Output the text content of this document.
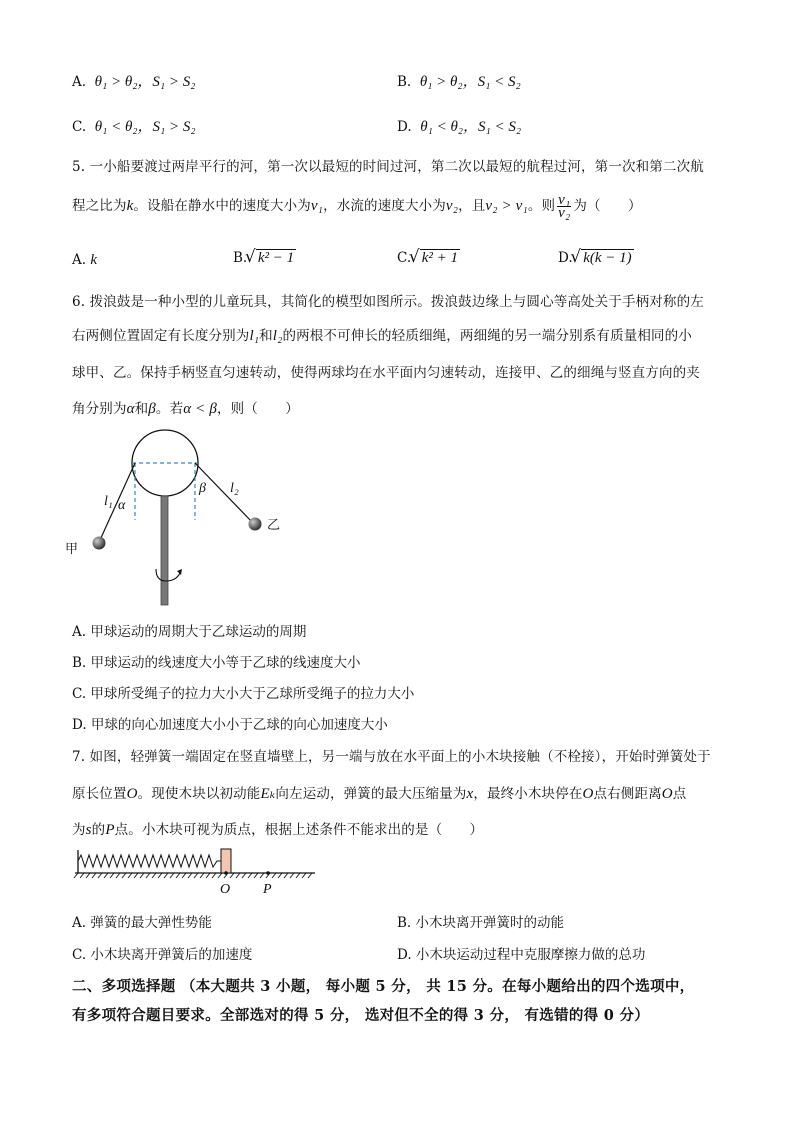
A. θ₁ > θ₂，S₁ > S₂	B. θ₁ > θ₂，S₁ < S₂
C. θ₁ < θ₂，S₁ > S₂	D. θ₁ < θ₂，S₁ < S₂
5. 一小船要渡过两岸平行的河，第一次以最短的时间过河，第二次以最短的航程过河，第一次和第二次航
程之比为k。设船在静水中的速度大小为v₁，水流的速度大小为v₂，且v₂ > v₁。则 $\frac{\text{v₁}}{\text{v₂}}$ 为（　　）
A. k	B.
√ k² − 1	C.
√ k² + 1	D.
√ k(k − 1)
6. 拨浪鼓是一种小型的儿童玩具，其简化的模型如图所示。拨浪鼓边缘上与圆心等高处关于手柄对称的左
右两侧位置固定有长度分别为l₁和l₂的两根不可伸长的轻质细绳，两细绳的另一端分别系有质量相同的小
球甲、乙。保持手柄竖直匀速转动，使得两球均在水平面内匀速转动，连接甲、乙的细绳与竖直方向的夹
角分别为α和β。若α < β，则（　　）
l₁ α
β l₂
甲
乙
A. 甲球运动的周期大于乙球运动的周期
B. 甲球运动的线速度大小等于乙球的线速度大小
C. 甲球所受绳子的拉力大小大于乙球所受绳子的拉力大小
D. 甲球的向心加速度大小小于乙球的向心加速度大小
7. 如图，轻弹簧一端固定在竖直墙壁上，另一端与放在水平面上的小木块接触（不栓接），开始时弹簧处于
原长位置O。现使木块以初动能Eₖ向左运动，弹簧的最大压缩量为x，最终小木块停在O点右侧距离O点
为s的P点。小木块可视为质点，根据上述条件不能求出的是（　　）
O P
A. 弹簧的最大弹性势能	B. 小木块离开弹簧时的动能
C. 小木块离开弹簧后的加速度	D. 小木块运动过程中克服摩擦力做的总功
二、多项选择题 （本大题共 3 小题， 每小题 5 分， 共 15 分。在每小题给出的四个选项中，
有多项符合题目要求。全部选对的得 5 分， 选对但不全的得 3 分， 有选错的得 0 分）
